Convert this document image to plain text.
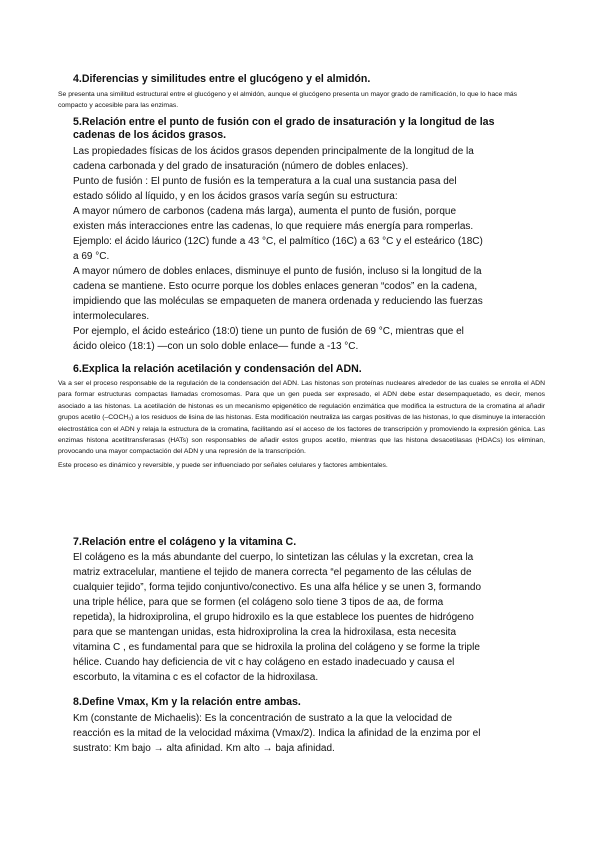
4.Diferencias y similitudes entre el glucógeno y el almidón.

Se presenta una similitud estructural entre el glucógeno y el almidón, aunque el glucógeno presenta un mayor grado de ramificación, lo que lo hace más compacto y accesible para las enzimas.

5.Relación entre el punto de fusión con el grado de insaturación y la longitud de las
cadenas de los ácidos grasos.
Las propiedades físicas de los ácidos grasos dependen principalmente de la longitud de la
cadena carbonada y del grado de insaturación (número de dobles enlaces).
Punto de fusión : El punto de fusión es la temperatura a la cual una sustancia pasa del
estado sólido al líquido, y en los ácidos grasos varía según su estructura:
A mayor número de carbonos (cadena más larga), aumenta el punto de fusión, porque
existen más interacciones entre las cadenas, lo que requiere más energía para romperlas.
Ejemplo: el ácido láurico (12C) funde a 43 °C, el palmítico (16C) a 63 °C y el esteárico (18C)
a 69 °C.
A mayor número de dobles enlaces, disminuye el punto de fusión, incluso si la longitud de la
cadena se mantiene. Esto ocurre porque los dobles enlaces generan “codos” en la cadena,
impidiendo que las moléculas se empaqueten de manera ordenada y reduciendo las fuerzas
intermoleculares.
Por ejemplo, el ácido esteárico (18:0) tiene un punto de fusión de 69 °C, mientras que el
ácido oleico (18:1) —con un solo doble enlace— funde a -13 °C.

6.Explica la relación acetilación y condensación del ADN.

Va a ser el proceso responsable de la regulación de la condensación del ADN. Las histonas son proteínas nucleares alrededor de las cuales se enrolla el ADN para formar estructuras compactas llamadas cromosomas. Para que un gen pueda ser expresado, el ADN debe estar desempaquetado, es decir, menos asociado a las histonas. La acetilación de histonas es un mecanismo epigenético de regulación enzimática que modifica la estructura de la cromatina al añadir grupos acetilo (–COCH₃) a los residuos de lisina de las histonas. Esta modificación neutraliza las cargas positivas de las histonas, lo que disminuye la interacción electrostática con el ADN y relaja la estructura de la cromatina, facilitando así el acceso de los factores de transcripción y promoviendo la expresión génica. Las enzimas histona acetiltransferasas (HATs) son responsables de añadir estos grupos acetilo, mientras que las histona desacetilasas (HDACs) los eliminan, provocando una mayor compactación del ADN y una represión de la transcripción.

Este proceso es dinámico y reversible, y puede ser influenciado por señales celulares y factores ambientales.

7.Relación entre el colágeno y la vitamina C.

El colágeno es la más abundante del cuerpo, lo sintetizan las células y la excretan, crea la
matriz extracelular, mantiene el tejido de manera correcta “el pegamento de las células de
cualquier tejido”, forma tejido conjuntivo/conectivo. Es una alfa hélice y se unen 3, formando
una triple hélice, para que se formen (el colágeno solo tiene 3 tipos de aa, de forma
repetida), la hidroxiprolina, el grupo hidroxilo es la que establece los puentes de hidrógeno
para que se mantengan unidas, esta hidroxiprolina la crea la hidroxilasa, esta necesita
vitamina C , es fundamental para que se hidroxila la prolina del colágeno y se forme la triple
hélice. Cuando hay deficiencia de vit c hay colágeno en estado inadecuado y causa el
escorbuto, la vitamina c es el cofactor de la hidroxilasa.

8.Define Vmax, Km y la relación entre ambas.

Km (constante de Michaelis): Es la concentración de sustrato a la que la velocidad de
reacción es la mitad de la velocidad máxima (Vmax/2). Indica la afinidad de la enzima por el
sustrato: Km bajo → alta afinidad. Km alto → baja afinidad.
